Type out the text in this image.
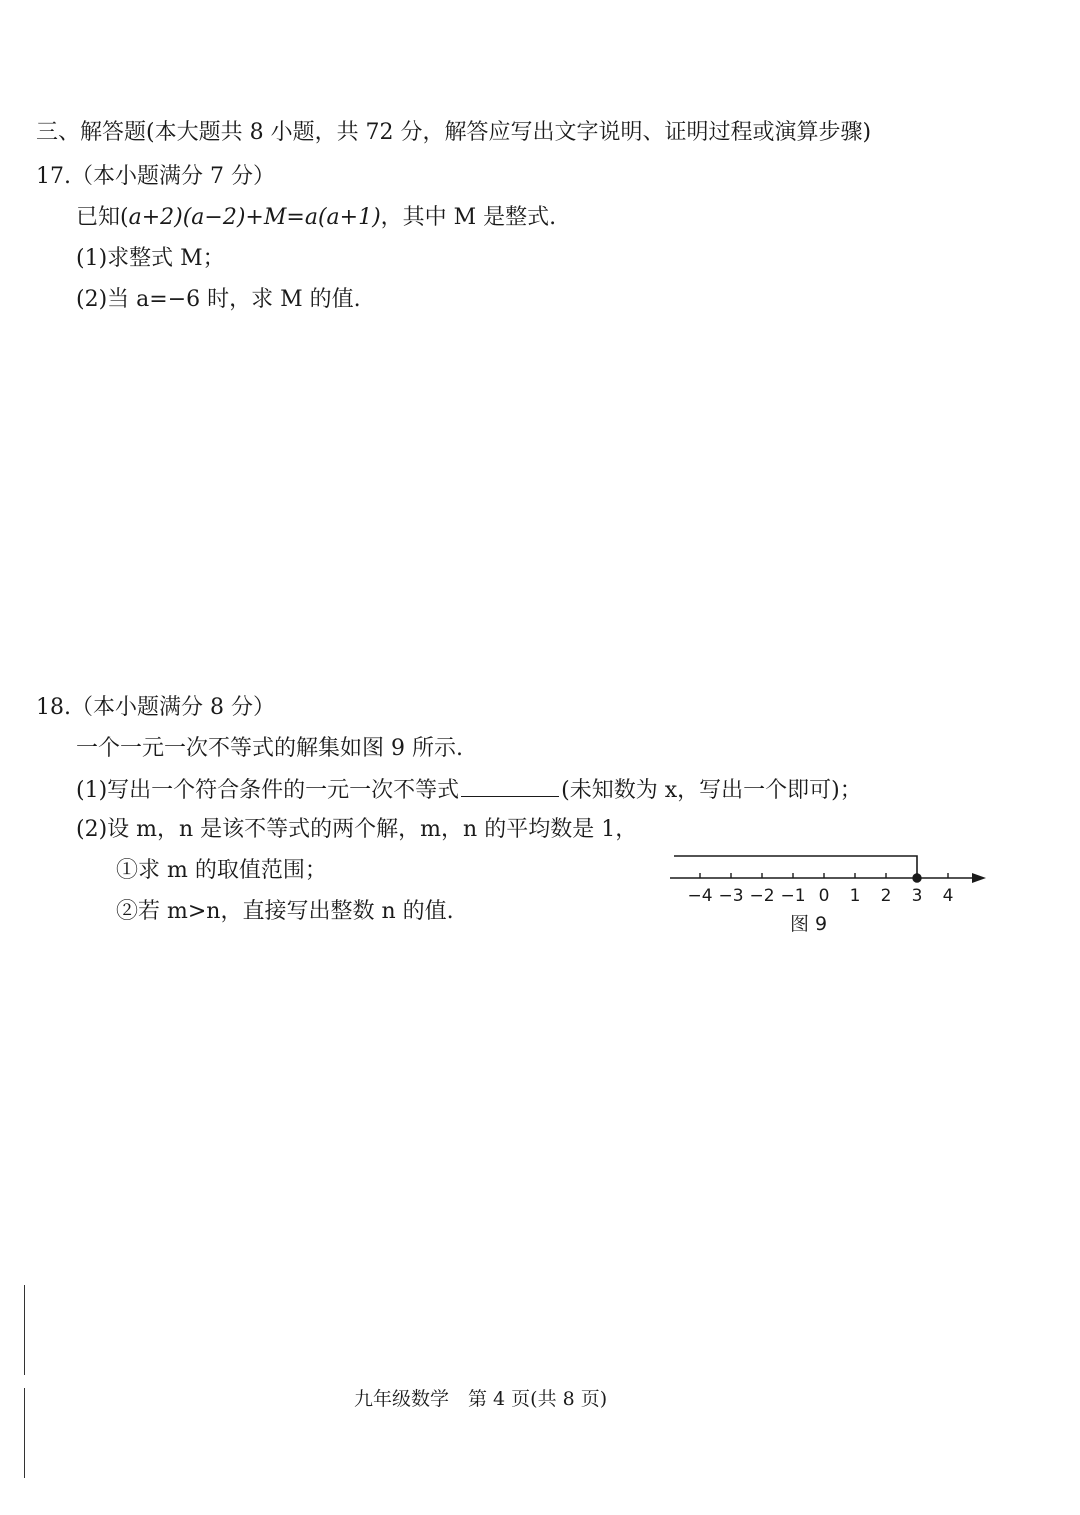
三、解答题(本大题共 8 小题，共 72 分，解答应写出文字说明、证明过程或演算步骤)
17.（本小题满分 7 分）
已知(a+2)(a−2)+M=a(a+1)，其中 M 是整式.
(1)求整式 M；
(2)当 a=−6 时，求 M 的值.
18.（本小题满分 8 分）
一个一元一次不等式的解集如图 9 所示.
(1)写出一个符合条件的一元一次不等式	(未知数为 x，写出一个即可)；
(2)设 m，n 是该不等式的两个解，m，n 的平均数是 1，
①求 m 的取值范围；
②若 m>n，直接写出整数 n 的值.
−4 −3 −2 −1 0 1 2 3 4
图 9
九年级数学　第 4 页(共 8 页)
